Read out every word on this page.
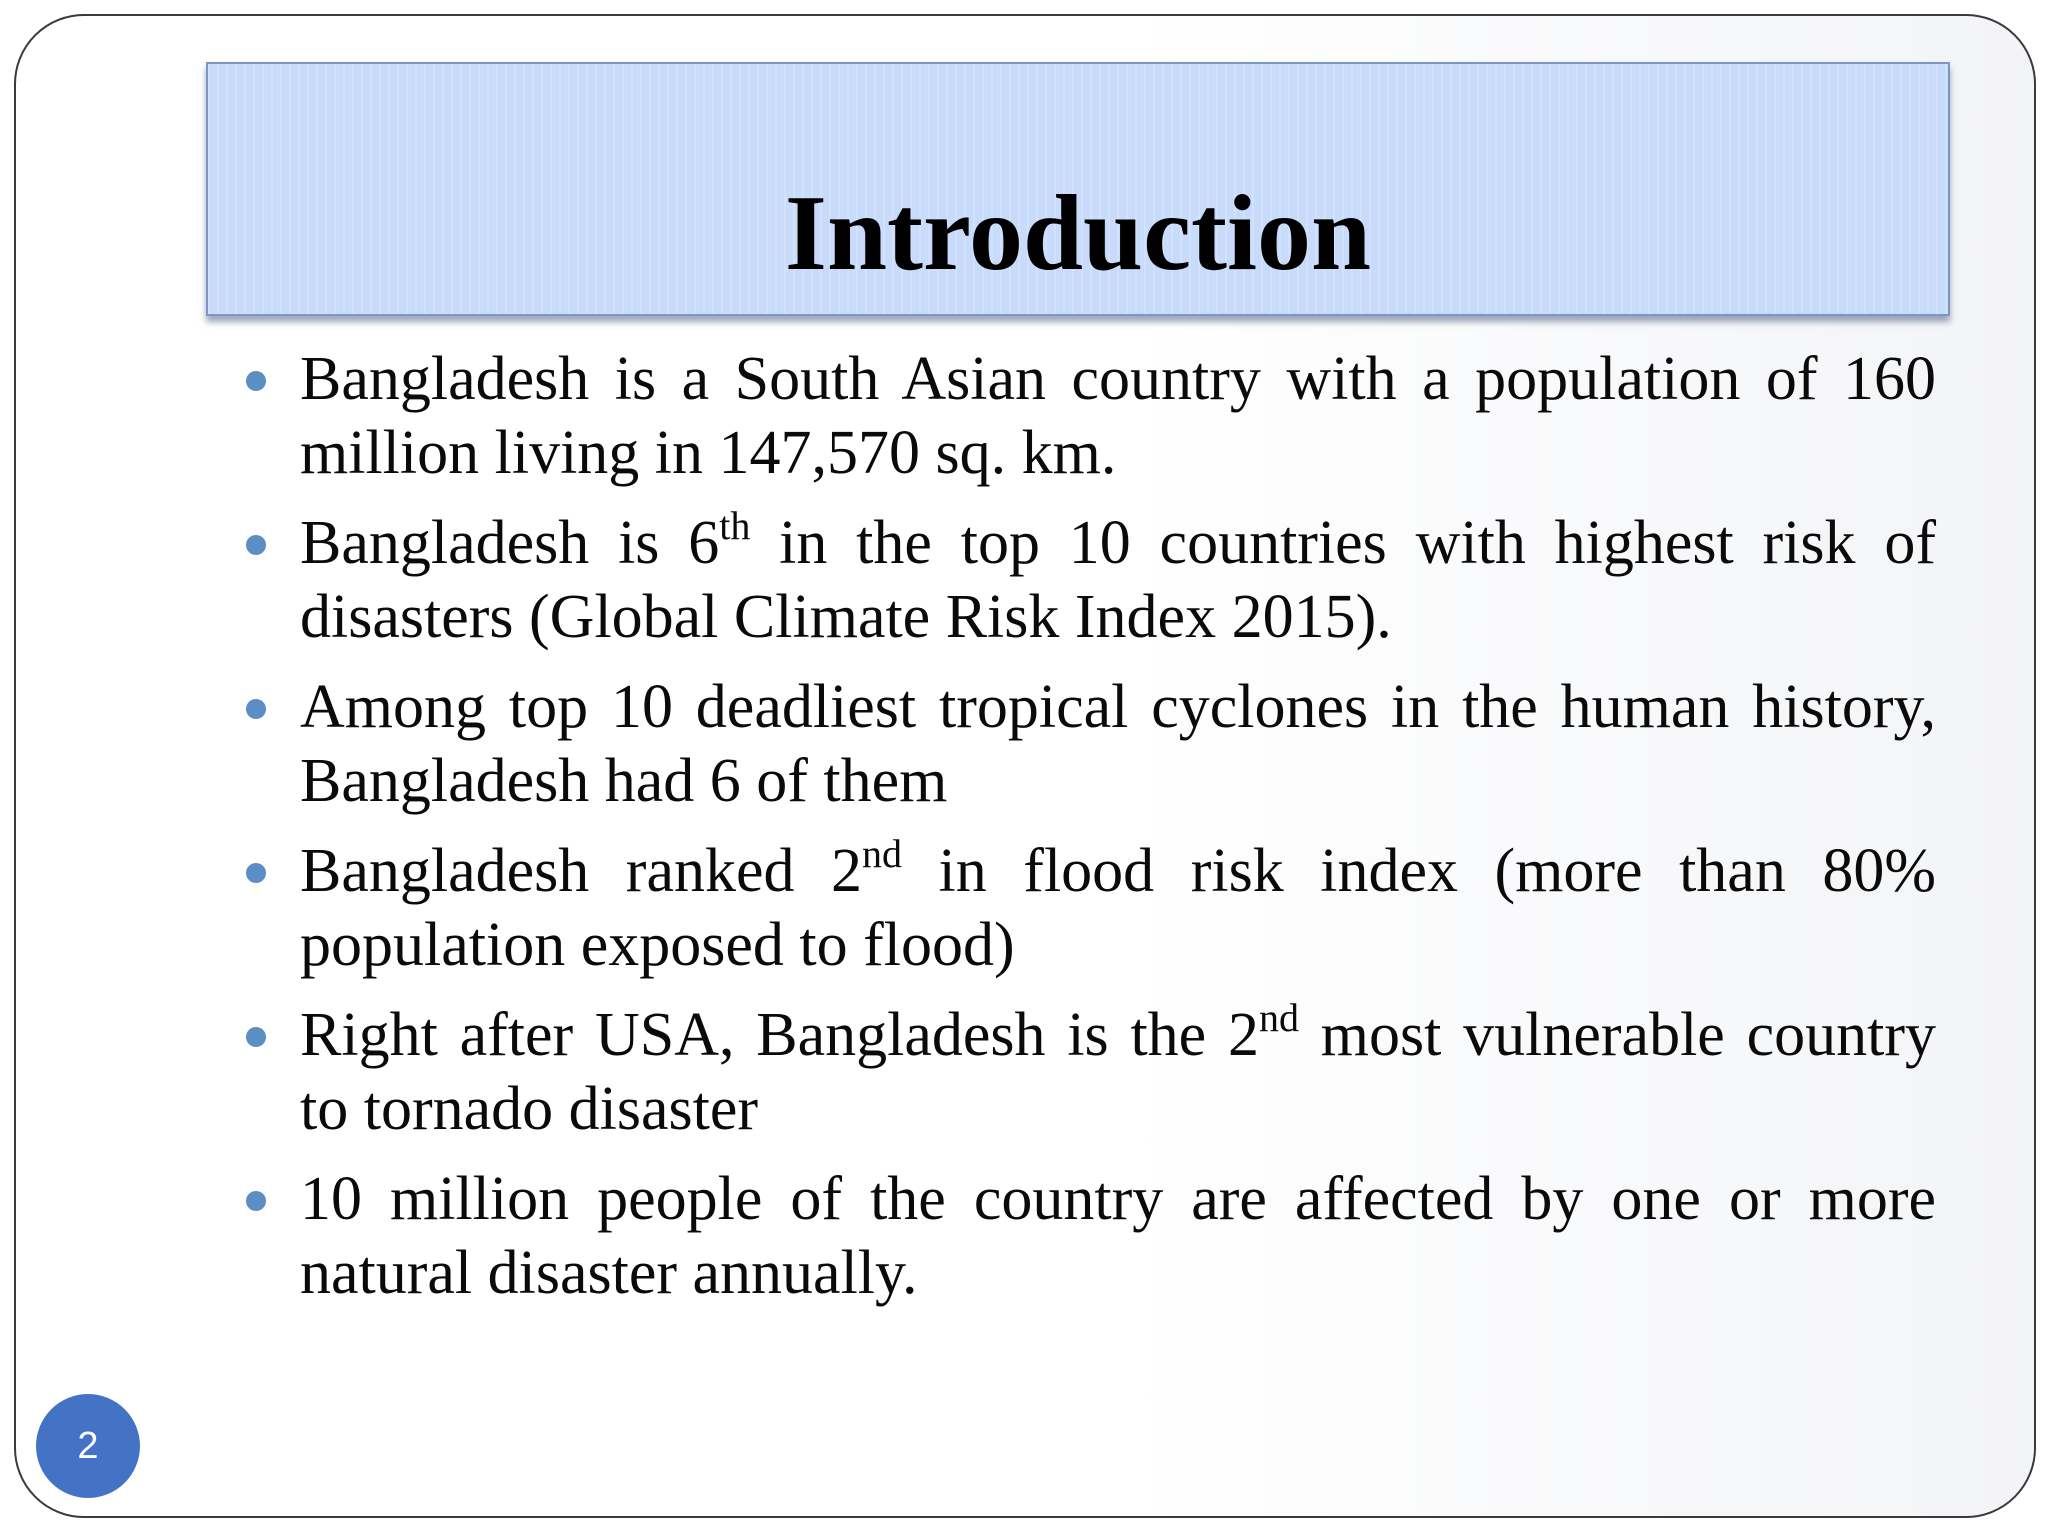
Introduction
Bangladesh is a South Asian country with a population of 160 million living in 147,570 sq. km.
Bangladesh is 6th in the top 10 countries with highest risk of disasters (Global Climate Risk Index 2015).
Among top 10 deadliest tropical cyclones in the human history, Bangladesh had 6 of them
Bangladesh ranked 2nd in flood risk index (more than 80% population exposed to flood)
Right after USA, Bangladesh is the 2nd most vulnerable country to tornado disaster
10 million people of the country are affected by one or more natural disaster annually.
2
